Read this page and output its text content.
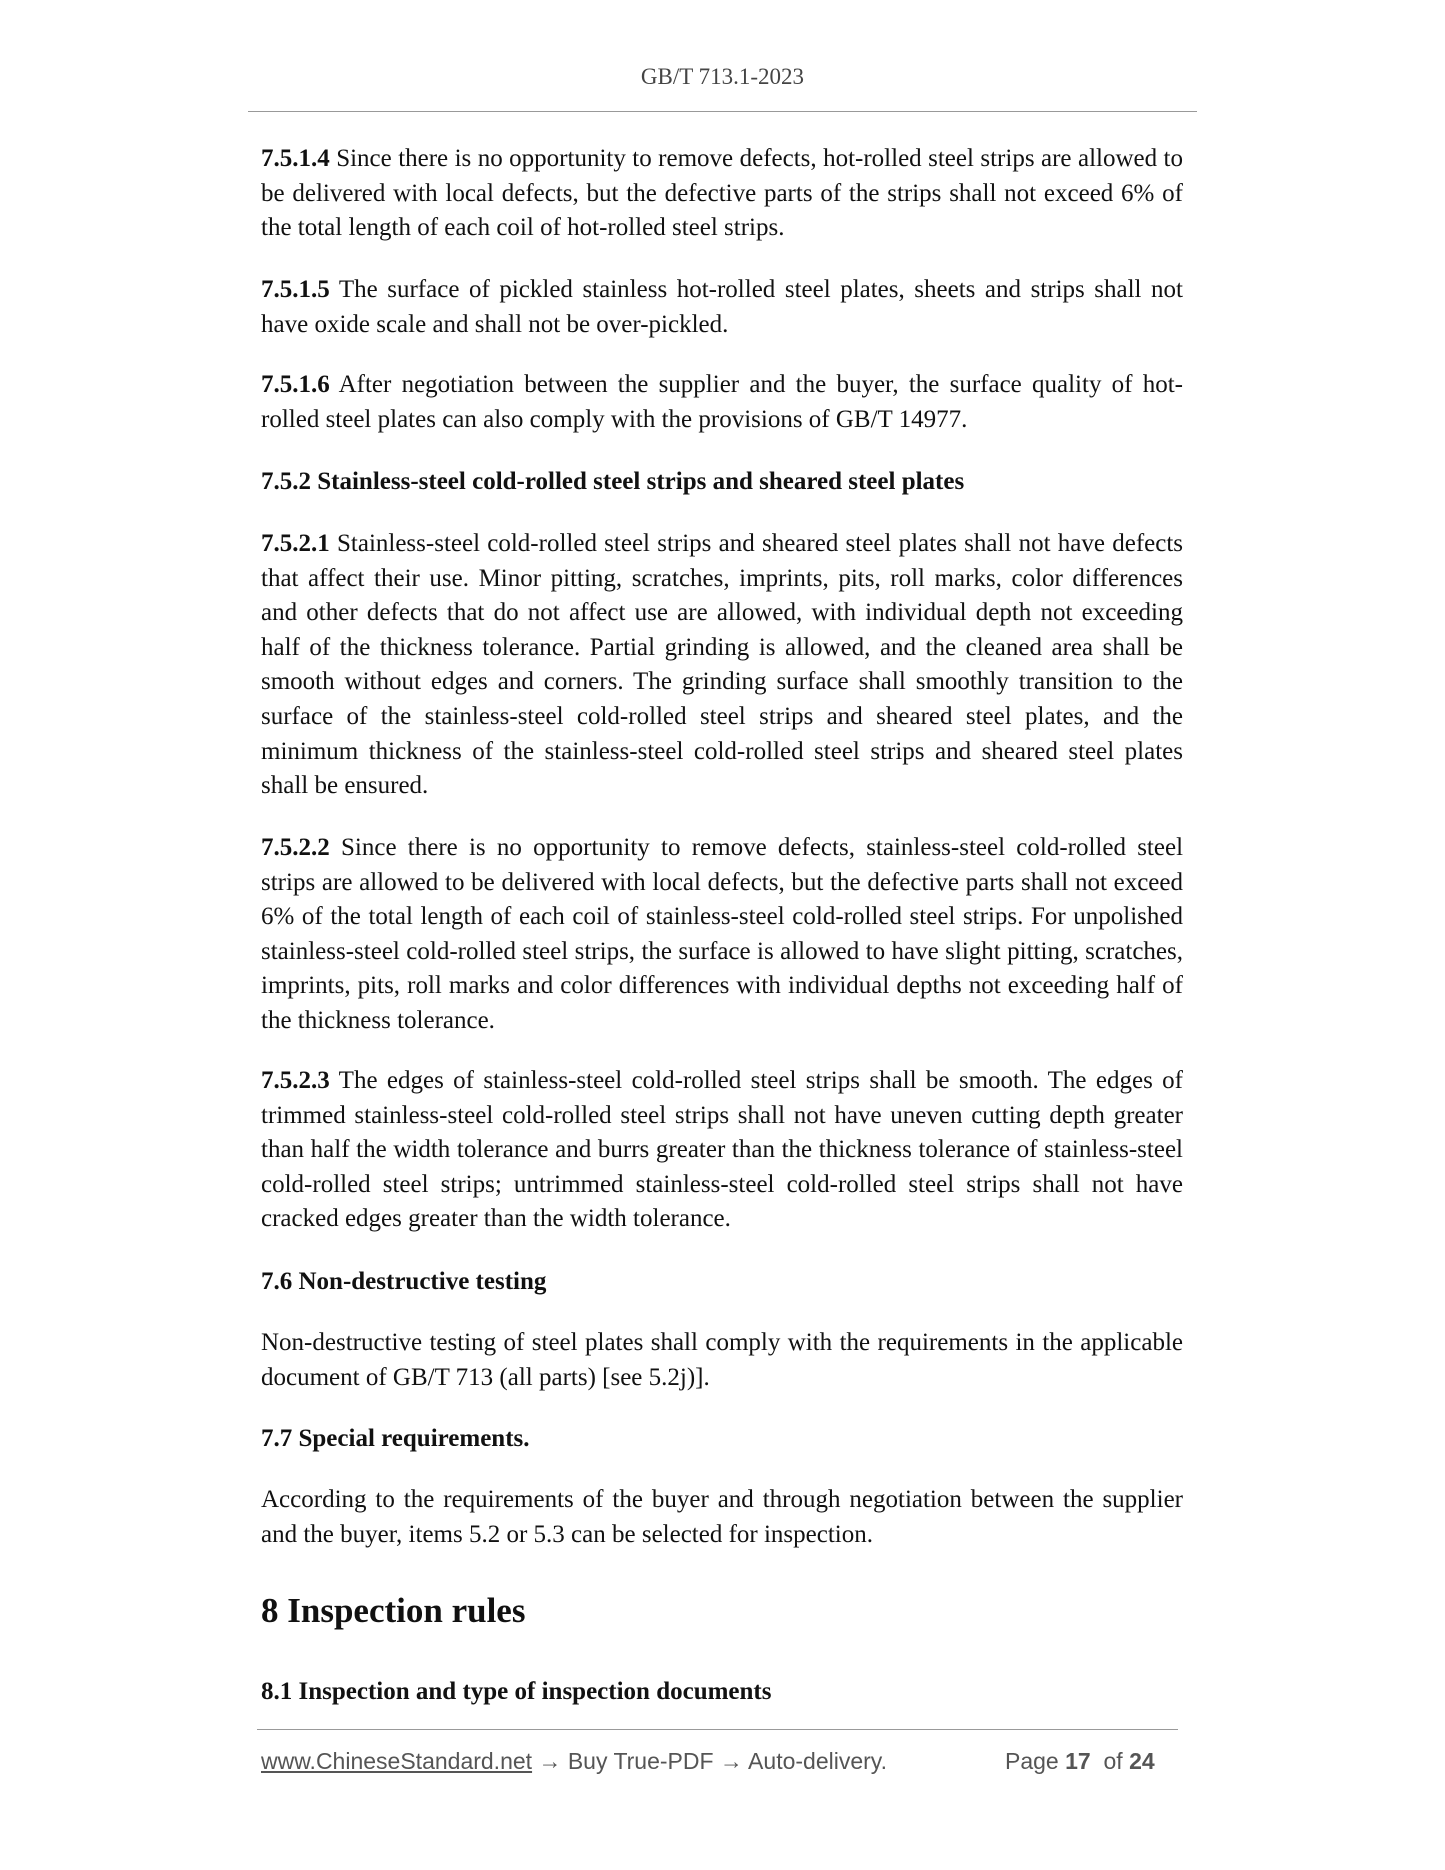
GB/T 713.1-2023
7.5.1.4 Since there is no opportunity to remove defects, hot-rolled steel strips are allowed to be delivered with local defects, but the defective parts of the strips shall not exceed 6% of the total length of each coil of hot-rolled steel strips.
7.5.1.5 The surface of pickled stainless hot-rolled steel plates, sheets and strips shall not have oxide scale and shall not be over-pickled.
7.5.1.6 After negotiation between the supplier and the buyer, the surface quality of hot-rolled steel plates can also comply with the provisions of GB/T 14977.
7.5.2 Stainless-steel cold-rolled steel strips and sheared steel plates
7.5.2.1 Stainless-steel cold-rolled steel strips and sheared steel plates shall not have defects that affect their use. Minor pitting, scratches, imprints, pits, roll marks, color differences and other defects that do not affect use are allowed, with individual depth not exceeding half of the thickness tolerance. Partial grinding is allowed, and the cleaned area shall be smooth without edges and corners. The grinding surface shall smoothly transition to the surface of the stainless-steel cold-rolled steel strips and sheared steel plates, and the minimum thickness of the stainless-steel cold-rolled steel strips and sheared steel plates shall be ensured.
7.5.2.2 Since there is no opportunity to remove defects, stainless-steel cold-rolled steel strips are allowed to be delivered with local defects, but the defective parts shall not exceed 6% of the total length of each coil of stainless-steel cold-rolled steel strips. For unpolished stainless-steel cold-rolled steel strips, the surface is allowed to have slight pitting, scratches, imprints, pits, roll marks and color differences with individual depths not exceeding half of the thickness tolerance.
7.5.2.3 The edges of stainless-steel cold-rolled steel strips shall be smooth. The edges of trimmed stainless-steel cold-rolled steel strips shall not have uneven cutting depth greater than half the width tolerance and burrs greater than the thickness tolerance of stainless-steel cold-rolled steel strips; untrimmed stainless-steel cold-rolled steel strips shall not have cracked edges greater than the width tolerance.
7.6 Non-destructive testing
Non-destructive testing of steel plates shall comply with the requirements in the applicable document of GB/T 713 (all parts) [see 5.2j)].
7.7 Special requirements.
According to the requirements of the buyer and through negotiation between the supplier and the buyer, items 5.2 or 5.3 can be selected for inspection.
8 Inspection rules
8.1 Inspection and type of inspection documents
www.ChineseStandard.net → Buy True-PDF → Auto-delivery.	Page 17 of 24
